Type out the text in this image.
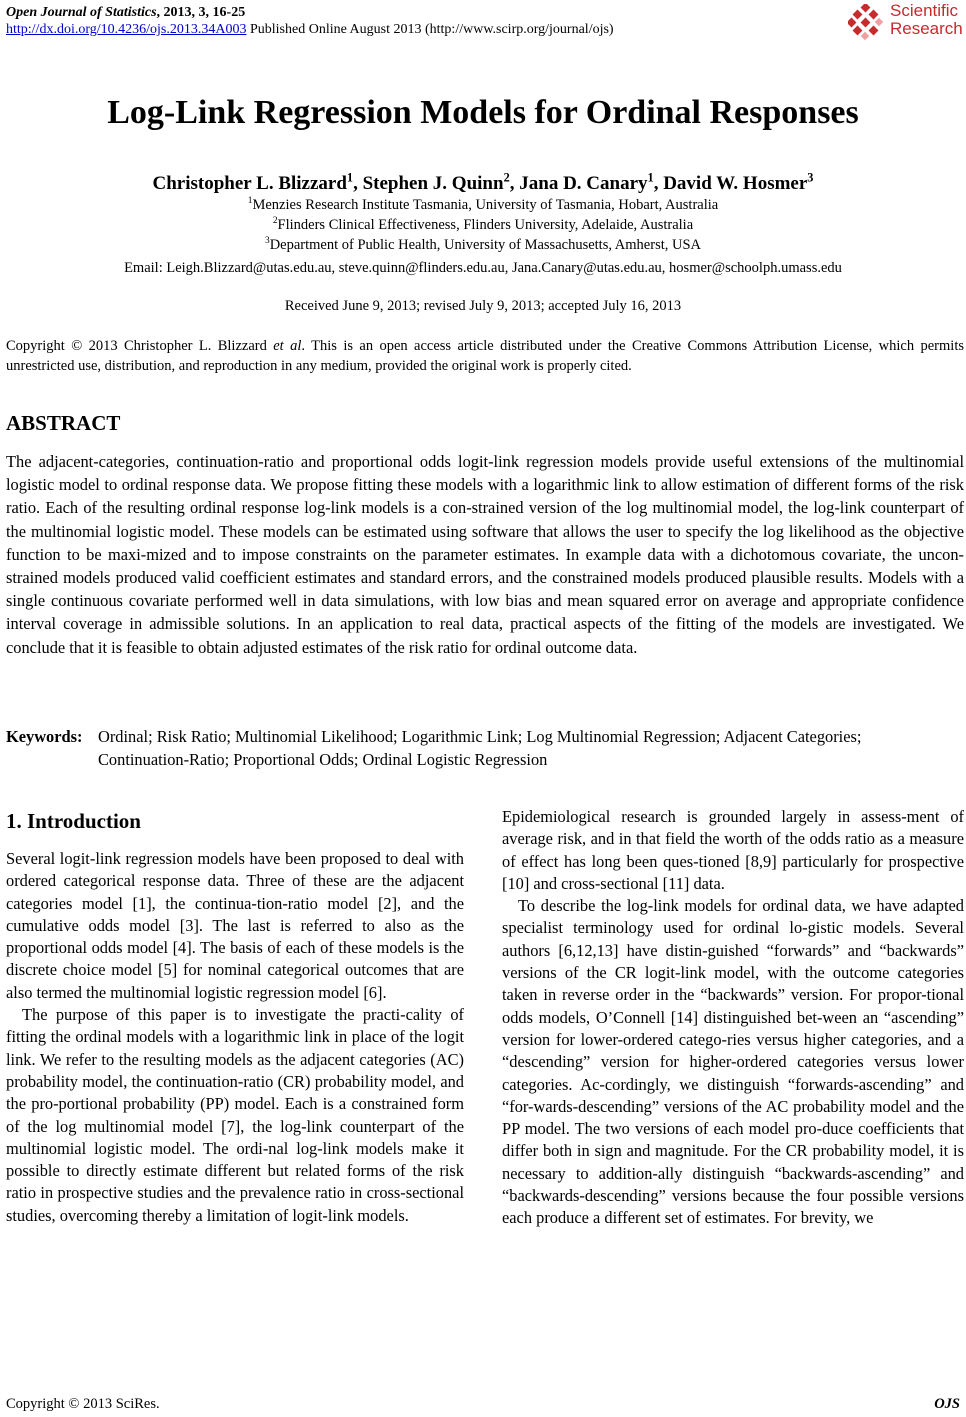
Open Journal of Statistics, 2013, 3, 16-25
http://dx.doi.org/10.4236/ojs.2013.34A003 Published Online August 2013 (http://www.scirp.org/journal/ojs)
Scientific
Research
Log-Link Regression Models for Ordinal Responses
Christopher L. Blizzard$^1$, Stephen J. Quinn$^2$, Jana D. Canary$^1$, David W. Hosmer$^3$
$^1$Menzies Research Institute Tasmania, University of Tasmania, Hobart, Australia
$^2$Flinders Clinical Effectiveness, Flinders University, Adelaide, Australia
$^3$Department of Public Health, University of Massachusetts, Amherst, USA
Email: Leigh.Blizzard@utas.edu.au, steve.quinn@flinders.edu.au, Jana.Canary@utas.edu.au, hosmer@schoolph.umass.edu
Received June 9, 2013; revised July 9, 2013; accepted July 16, 2013
Copyright © 2013 Christopher L. Blizzard et al. This is an open access article distributed under the Creative Commons Attribution License, which permits unrestricted use, distribution, and reproduction in any medium, provided the original work is properly cited.
ABSTRACT
The adjacent-categories, continuation-ratio and proportional odds logit-link regression models provide useful extensions of the multinomial logistic model to ordinal response data. We propose fitting these models with a logarithmic link to allow estimation of different forms of the risk ratio. Each of the resulting ordinal response log-link models is a con-strained version of the log multinomial model, the log-link counterpart of the multinomial logistic model. These models can be estimated using software that allows the user to specify the log likelihood as the objective function to be maxi-mized and to impose constraints on the parameter estimates. In example data with a dichotomous covariate, the uncon-strained models produced valid coefficient estimates and standard errors, and the constrained models produced plausible results. Models with a single continuous covariate performed well in data simulations, with low bias and mean squared error on average and appropriate confidence interval coverage in admissible solutions. In an application to real data, practical aspects of the fitting of the models are investigated. We conclude that it is feasible to obtain adjusted estimates of the risk ratio for ordinal outcome data.
Keywords: Ordinal; Risk Ratio; Multinomial Likelihood; Logarithmic Link; Log Multinomial Regression; Adjacent Categories; Continuation-Ratio; Proportional Odds; Ordinal Logistic Regression

1. Introduction

Several logit-link regression models have been proposed to deal with ordered categorical response data. Three of these are the adjacent categories model [1], the continua-tion-ratio model [2], and the cumulative odds model [3]. The last is referred to also as the proportional odds model [4]. The basis of each of these models is the discrete choice model [5] for nominal categorical outcomes that are also termed the multinomial logistic regression model [6].

The purpose of this paper is to investigate the practi-cality of fitting the ordinal models with a logarithmic link in place of the logit link. We refer to the resulting models as the adjacent categories (AC) probability model, the continuation-ratio (CR) probability model, and the pro-portional probability (PP) model. Each is a constrained form of the log multinomial model [7], the log-link counterpart of the multinomial logistic model. The ordi-nal log-link models make it possible to directly estimate different but related forms of the risk ratio in prospective studies and the prevalence ratio in cross-sectional studies, overcoming thereby a limitation of logit-link models.

Epidemiological research is grounded largely in assess-ment of average risk, and in that field the worth of the odds ratio as a measure of effect has long been ques-tioned [8,9] particularly for prospective [10] and cross-sectional [11] data.

To describe the log-link models for ordinal data, we have adapted specialist terminology used for ordinal lo-gistic models. Several authors [6,12,13] have distin-guished “forwards” and “backwards” versions of the CR logit-link model, with the outcome categories taken in reverse order in the “backwards” version. For propor-tional odds models, O’Connell [14] distinguished bet-ween an “ascending” version for lower-ordered catego-ries versus higher categories, and a “descending” version for higher-ordered categories versus lower categories. Ac-cordingly, we distinguish “forwards-ascending” and “for-wards-descending” versions of the AC probability model and the PP model. The two versions of each model pro-duce coefficients that differ both in sign and magnitude. For the CR probability model, it is necessary to addition-ally distinguish “backwards-ascending” and “backwards-descending” versions because the four possible versions each produce a different set of estimates. For brevity, we

Copyright © 2013 SciRes.	OJS
